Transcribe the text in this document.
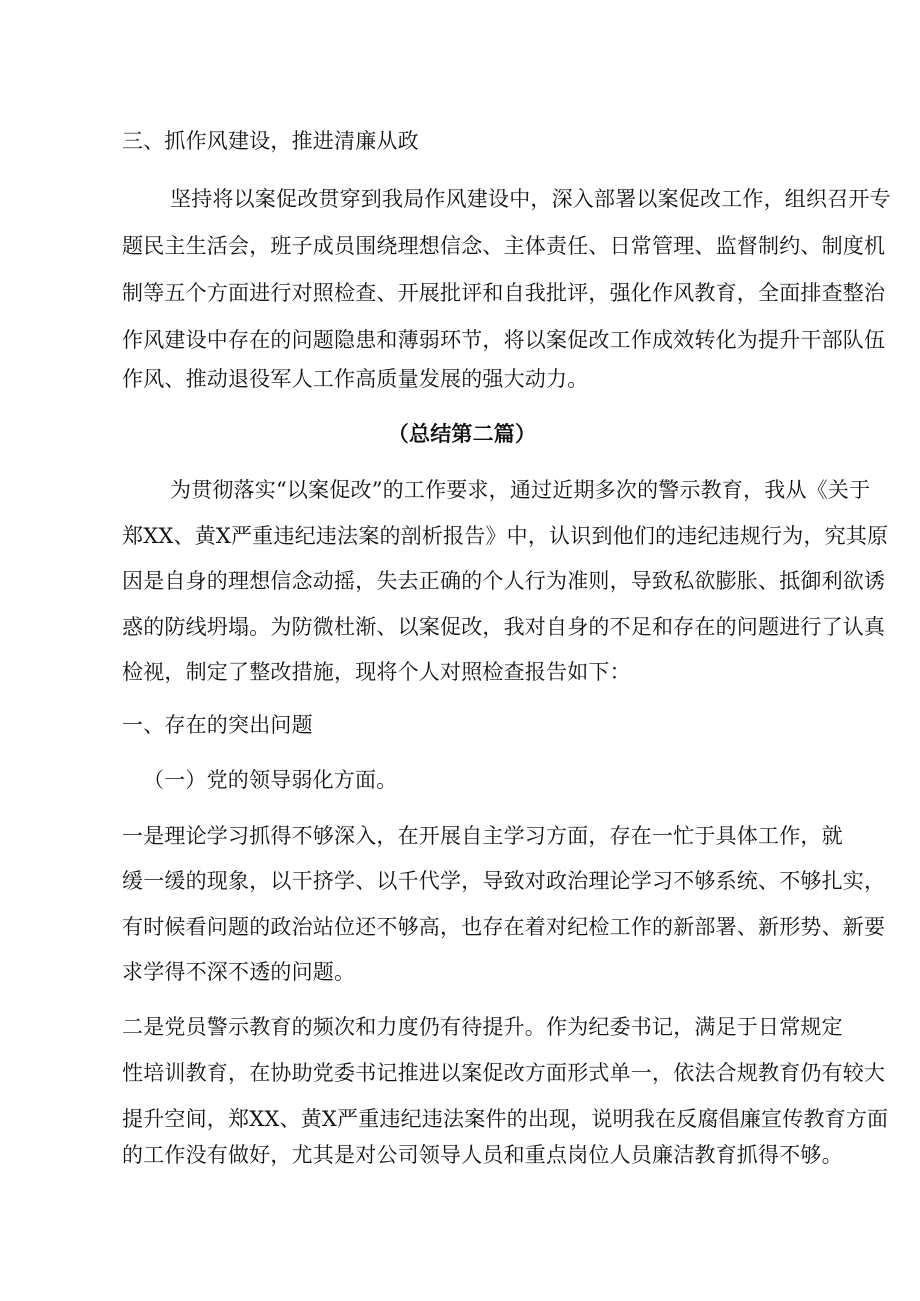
三、抓作风建设，推进清廉从政
坚持将以案促改贯穿到我局作风建设中，深入部署以案促改工作，组织召开专
题民主生活会，班子成员围绕理想信念、主体责任、日常管理、监督制约、制度机
制等五个方面进行对照检查、开展批评和自我批评，强化作风教育，全面排查整治
作风建设中存在的问题隐患和薄弱环节，将以案促改工作成效转化为提升干部队伍
作风、推动退役军人工作高质量发展的强大动力。
（总结第二篇）
为贯彻落实“以案促改”的工作要求，通过近期多次的警示教育，我从《关于
郑XX、黄X严重违纪违法案的剖析报告》中，认识到他们的违纪违规行为，究其原
因是自身的理想信念动摇，失去正确的个人行为准则，导致私欲膨胀、抵御利欲诱
惑的防线坍塌。为防微杜渐、以案促改，我对自身的不足和存在的问题进行了认真
检视，制定了整改措施，现将个人对照检查报告如下：
一、存在的突出问题
（一）党的领导弱化方面。
一是理论学习抓得不够深入，在开展自主学习方面，存在一忙于具体工作，就
缓一缓的现象，以干挤学、以千代学，导致对政治理论学习不够系统、不够扎实，
有时候看问题的政治站位还不够高，也存在着对纪检工作的新部署、新形势、新要
求学得不深不透的问题。
二是党员警示教育的频次和力度仍有待提升。作为纪委书记，满足于日常规定
性培训教育，在协助党委书记推进以案促改方面形式单一，依法合规教育仍有较大
提升空间，郑XX、黄X严重违纪违法案件的出现，说明我在反腐倡廉宣传教育方面
的工作没有做好，尤其是对公司领导人员和重点岗位人员廉洁教育抓得不够。
